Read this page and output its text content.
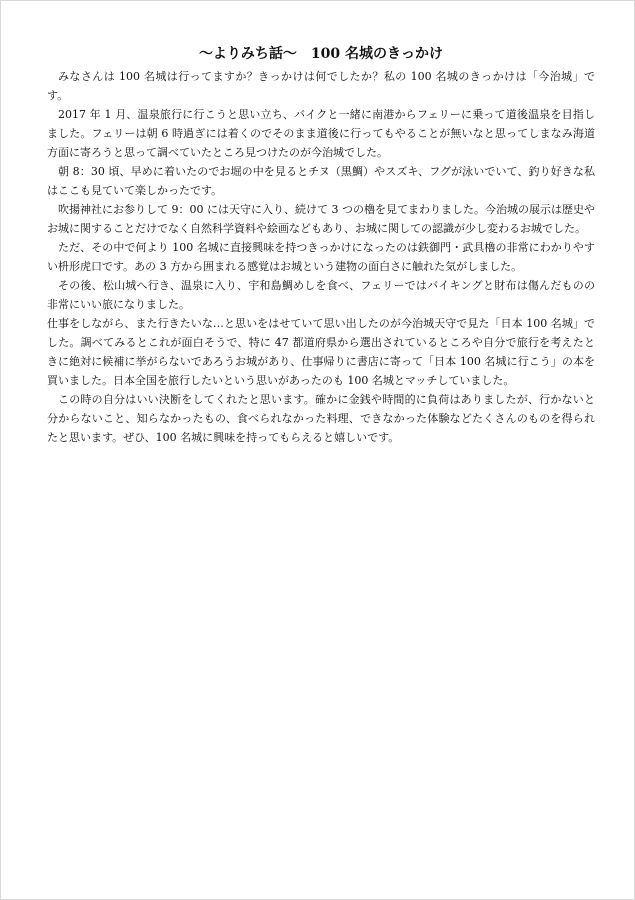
〜よりみち話〜　100 名城のきっかけ

みなさんは 100 名城は行ってますか？きっかけは何でしたか？私の 100 名城のきっかけは「今治城」です。

2017 年 1 月、温泉旅行に行こうと思い立ち、バイクと一緒に南港からフェリーに乗って道後温泉を目指しました。フェリーは朝 6 時過ぎには着くのでそのまま道後に行ってもやることが無いなと思ってしまなみ海道方面に寄ろうと思って調べていたところ見つけたのが今治城でした。

朝 8：30 頃、早めに着いたのでお堀の中を見るとチヌ（黒鯛）やスズキ、フグが泳いでいて、釣り好きな私はここも見ていて楽しかったです。

吹揚神社にお参りして 9：00 には天守に入り、続けて 3 つの櫓を見てまわりました。今治城の展示は歴史やお城に関することだけでなく自然科学資料や絵画などもあり、お城に関しての認識が少し変わるお城でした。

ただ、その中で何より 100 名城に直接興味を持つきっかけになったのは鉄御門・武具櫓の非常にわかりやすい枡形虎口です。あの 3 方から囲まれる感覚はお城という建物の面白さに触れた気がしました。

その後、松山城へ行き、温泉に入り、宇和島鯛めしを食べ、フェリーではバイキングと財布は傷んだものの非常にいい旅になりました。

仕事をしながら、また行きたいな…と思いをはせていて思い出したのが今治城天守で見た「日本 100 名城」でした。調べてみるとこれが面白そうで、特に 47 都道府県から選出されているところや自分で旅行を考えたときに絶対に候補に挙がらないであろうお城があり、仕事帰りに書店に寄って「日本 100 名城に行こう」の本を買いました。日本全国を旅行したいという思いがあったのも 100 名城とマッチしていました。

この時の自分はいい決断をしてくれたと思います。確かに金銭や時間的に負荷はありましたが、行かないと分からないこと、知らなかったもの、食べられなかった料理、できなかった体験などたくさんのものを得られたと思います。ぜひ、100 名城に興味を持ってもらえると嬉しいです。
